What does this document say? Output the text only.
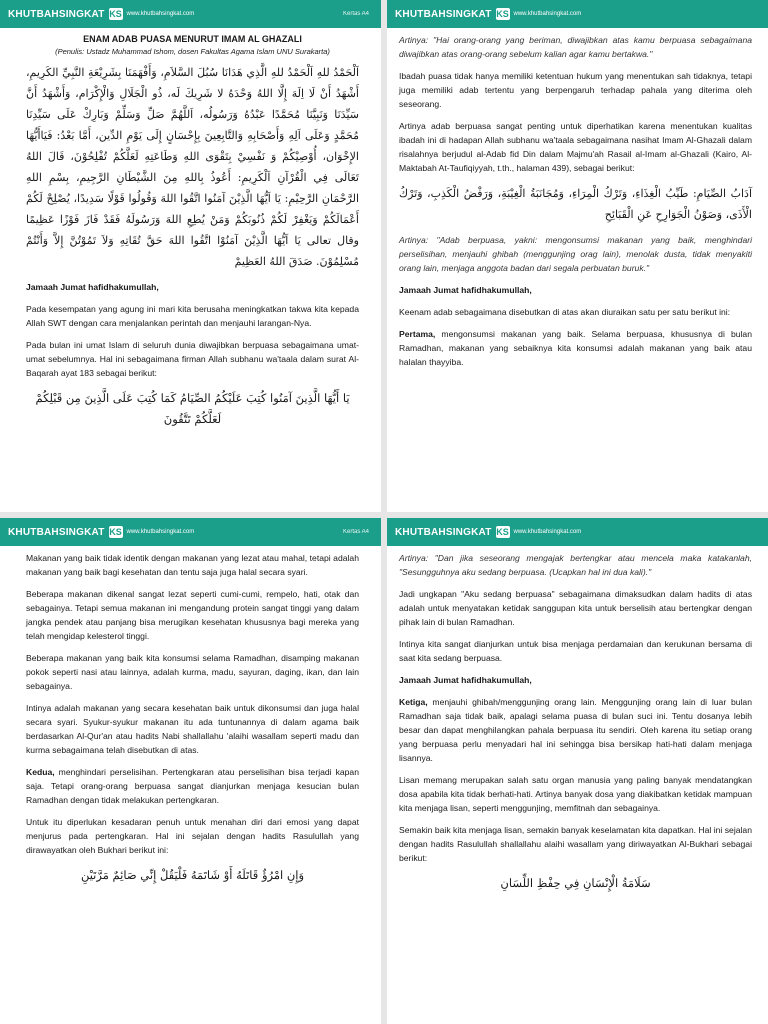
KHUTBAHSINGKAT KS www.khutbahsingkat.com	Kertas A4
ENAM ADAB PUASA MENURUT IMAM AL GHAZALI
(Penulis: Ustadz Muhammad Ishom, dosen Fakultas Agama Islam UNU Surakarta)
اَلْحَمْدُ للهِ اَلْحَمْدُ للهِ الَّذِي هَدَانَا سُبُلَ السَّلاَمِ، وَأَفْهَمَنَا بِشَرِيْعَةِ النَّبِيِّ الكَرِيمِ، أَشْهَدُ أَنْ لَا اِلَهَ إِلَّا اللهُ وَحْدَهُ لا شَرِيكَ لَه، ذُو الْجَلَالِ وَالْإِكْرَام، وَأَشْهَدُ أَنَّ سَيِّدَنَا وَنَبِيَّنَا مُحَمَّدًا عَبْدُهُ وَرَسُولُه، اَللَّهُمَّ صَلِّ وَسَلِّمْ وَبَارِكْ عَلَى سَيِّدِنَا مُحَمَّدٍ وَعَلَى اَلِهِ وَأَصْحَابِهِ وَالتَّابِعِينَ بِإِحْسَانٍ إِلَى يَوْمِ الدِّين، أَمَّا بَعْدُ: فَيَاأَيُّهَا الإِخْوَان، أُوْصِيْكُمْ وَ نَفْسِيْ بِتَقْوَى اللهِ وَطَاعَتِهِ لَعَلَّكُمْ تُفْلِحُوْنَ، قَالَ اللهُ تَعَالَى فِي الْقُرْآنِ اَلْكَرِيمِ: أَعُوذُ بِاللهِ مِنَ الشَّيْطَانِ الرَّجِيمِ، بِسْمِ اللهِ الرَّحْمَانِ الرَّحِيْمِ: يَا اَيُّهَا الَّذِيْنَ آمَنُوا اتَّقُوا اللهَ وَقُولُوا قَوْلًا سَدِيدًا، يُصْلِحْ لَكُمْ أَعْمَالَكُمْ وَيَغْفِرْ لَكُمْ ذُنُوبَكُمْ وَمَنْ يُطِعِ اللهَ وَرَسُولَهُ فَقَدْ فَازَ فَوْزًا عَظِيمًا وقال تعالى يَا اَيُّهَا الَّذِيْنَ آمَنُوْا اتَّقُوا اللهَ حَقَّ تُقَاتِهِ وَلاَ تَمُوْتُنَّ إِلاَّ وَأَنْتُمْ مُسْلِمُوْنَ. صَدَقَ اللهُ العَظِيمْ

Jamaah Jumat hafidhakumullah,

Pada kesempatan yang agung ini mari kita berusaha meningkatkan takwa kita kepada Allah SWT dengan cara menjalankan perintah dan menjauhi larangan-Nya.

Pada bulan ini umat Islam di seluruh dunia diwajibkan berpuasa sebagaimana umat-umat sebelumnya. Hal ini sebagaimana firman Allah subhanu wa'taala dalam surat Al-Baqarah ayat 183 sebagai berikut:

يَا أَيُّهَا الَّذِينَ آمَنُوا كُتِبَ عَلَيْكُمُ الصِّيَامُ كَمَا كُتِبَ عَلَى الَّذِينَ مِن قَبْلِكُمْ لَعَلَّكُمْ تَتَّقُونَ
KHUTBAHSINGKAT KS www.khutbahsingkat.com

Artinya: "Hai orang-orang yang beriman, diwajibkan atas kamu berpuasa sebagaimana diwajibkan atas orang-orang sebelum kalian agar kamu bertakwa."

Ibadah puasa tidak hanya memiliki ketentuan hukum yang menentukan sah tidaknya, tetapi juga memiliki adab tertentu yang berpengaruh terhadap pahala yang diterima oleh seseorang.

Artinya adab berpuasa sangat penting untuk diperhatikan karena menentukan kualitas ibadah ini di hadapan Allah subhanu wa'taala sebagaimana nasihat Imam Al-Ghazali dalam risalahnya berjudul al-Adab fid Din dalam Majmu'ah Rasail al-Imam al-Ghazali (Kairo, Al-Maktabah At-Taufiqiyyah, t.th., halaman 439), sebagai berikut:

آدَابُ الصِّيَامِ: طَيِّبُ الْغِذَاءِ، وَتَرْكُ الْمِرَاءِ، وَمُجَانَبَةُ الْغِيْبَةِ، وَرَفْضُ الْكَذِبِ، وَتَرْكُ الْأَذَى، وَصَوْنُ الْجَوَارِحِ عَنِ الْقَبَائِحِ

Artinya: "Adab berpuasa, yakni: mengonsumsi makanan yang baik, menghindari perselisihan, menjauhi ghibah (menggunjing orag lain), menolak dusta, tidak menyakiti orang lain, menjaga anggota badan dari segala perbuatan buruk."

Jamaah Jumat hafidhakumullah,

Keenam adab sebagaimana disebutkan di atas akan diuraikan satu per satu berikut ini:

Pertama, mengonsumsi makanan yang baik. Selama berpuasa, khususnya di bulan Ramadhan, makanan yang sebaiknya kita konsumsi adalah makanan yang baik atau halalan thayyiba.

KHUTBAHSINGKAT KS www.khutbahsingkat.com	Kertas A4

Makanan yang baik tidak identik dengan makanan yang lezat atau mahal, tetapi adalah makanan yang baik bagi kesehatan dan tentu saja juga halal secara syari.

Beberapa makanan dikenal sangat lezat seperti cumi-cumi, rempelo, hati, otak dan sebagainya. Tetapi semua makanan ini mengandung protein sangat tinggi yang dalam jangka pendek atau panjang bisa merugikan kesehatan khususnya bagi mereka yang telah mengidap kelesterol tinggi.

Beberapa makanan yang baik kita konsumsi selama Ramadhan, disamping makanan pokok seperti nasi atau lainnya, adalah kurma, madu, sayuran, daging, ikan, dan lain sebagainya.

Intinya adalah makanan yang secara kesehatan baik untuk dikonsumsi dan juga halal secara syari. Syukur-syukur makanan itu ada tuntunannya di dalam agama baik berdasarkan Al-Qur'an atau hadits Nabi shallallahu 'alaihi wasallam seperti madu dan kurma sebagaimana telah disebutkan di atas.

Kedua, menghindari perselisihan. Pertengkaran atau perselisihan bisa terjadi kapan saja. Tetapi orang-orang berpuasa sangat dianjurkan menjaga kesucian bulan Ramadhan dengan tidak melakukan pertengkaran.

Untuk itu diperlukan kesadaran penuh untuk menahan diri dari emosi yang dapat menjurus pada pertengkaran. Hal ini sejalan dengan hadits Rasulullah yang dirawayatkan oleh Bukhari berikut ini:

وَإِنِ امْرُؤٌ قَاتَلَهُ أَوْ شَاتَمَهُ فَلْيَقُلْ إِنِّي صَائِمٌ مَرَّتَيْنِ
KHUTBAHSINGKAT KS www.khutbahsingkat.com

Artinya: "Dan jika seseorang mengajak bertengkar atau mencela maka katakanlah, "Sesungguhnya aku sedang berpuasa. (Ucapkan hal ini dua kali)."

Jadi ungkapan "Aku sedang berpuasa" sebagaimana dimaksudkan dalam hadits di atas adalah untuk menyatakan ketidak sanggupan kita untuk berselisih atau bertengkar dengan pihak lain di bulan Ramadhan.

Intinya kita sangat dianjurkan untuk bisa menjaga perdamaian dan kerukunan bersama di saat kita sedang berpuasa.

Jamaah Jumat hafidhakumullah,

Ketiga, menjauhi ghibah/menggunjing orang lain. Menggunjing orang lain di luar bulan Ramadhan saja tidak baik, apalagi selama puasa di bulan suci ini. Tentu dosanya lebih besar dan dapat menghilangkan pahala berpuasa itu sendiri. Oleh karena itu setiap orang yang berpuasa perlu menyadari hal ini sehingga bisa bersikap hati-hati dalam menjaga lisannya.

Lisan memang merupakan salah satu organ manusia yang paling banyak mendatangkan dosa apabila kita tidak berhati-hati. Artinya banyak dosa yang diakibatkan ketidak mampuan kita menjaga lisan, seperti menggunjing, memfitnah dan sebagainya.

Semakin baik kita menjaga lisan, semakin banyak keselamatan kita dapatkan. Hal ini sejalan dengan hadits Rasulullah shallallahu alaihi wasallam yang diriwayatkan Al-Bukhari sebagai berikut:

سَلَامَةُ الْإِنْسَانِ فِي حِفْظِ اللِّسَانِ
